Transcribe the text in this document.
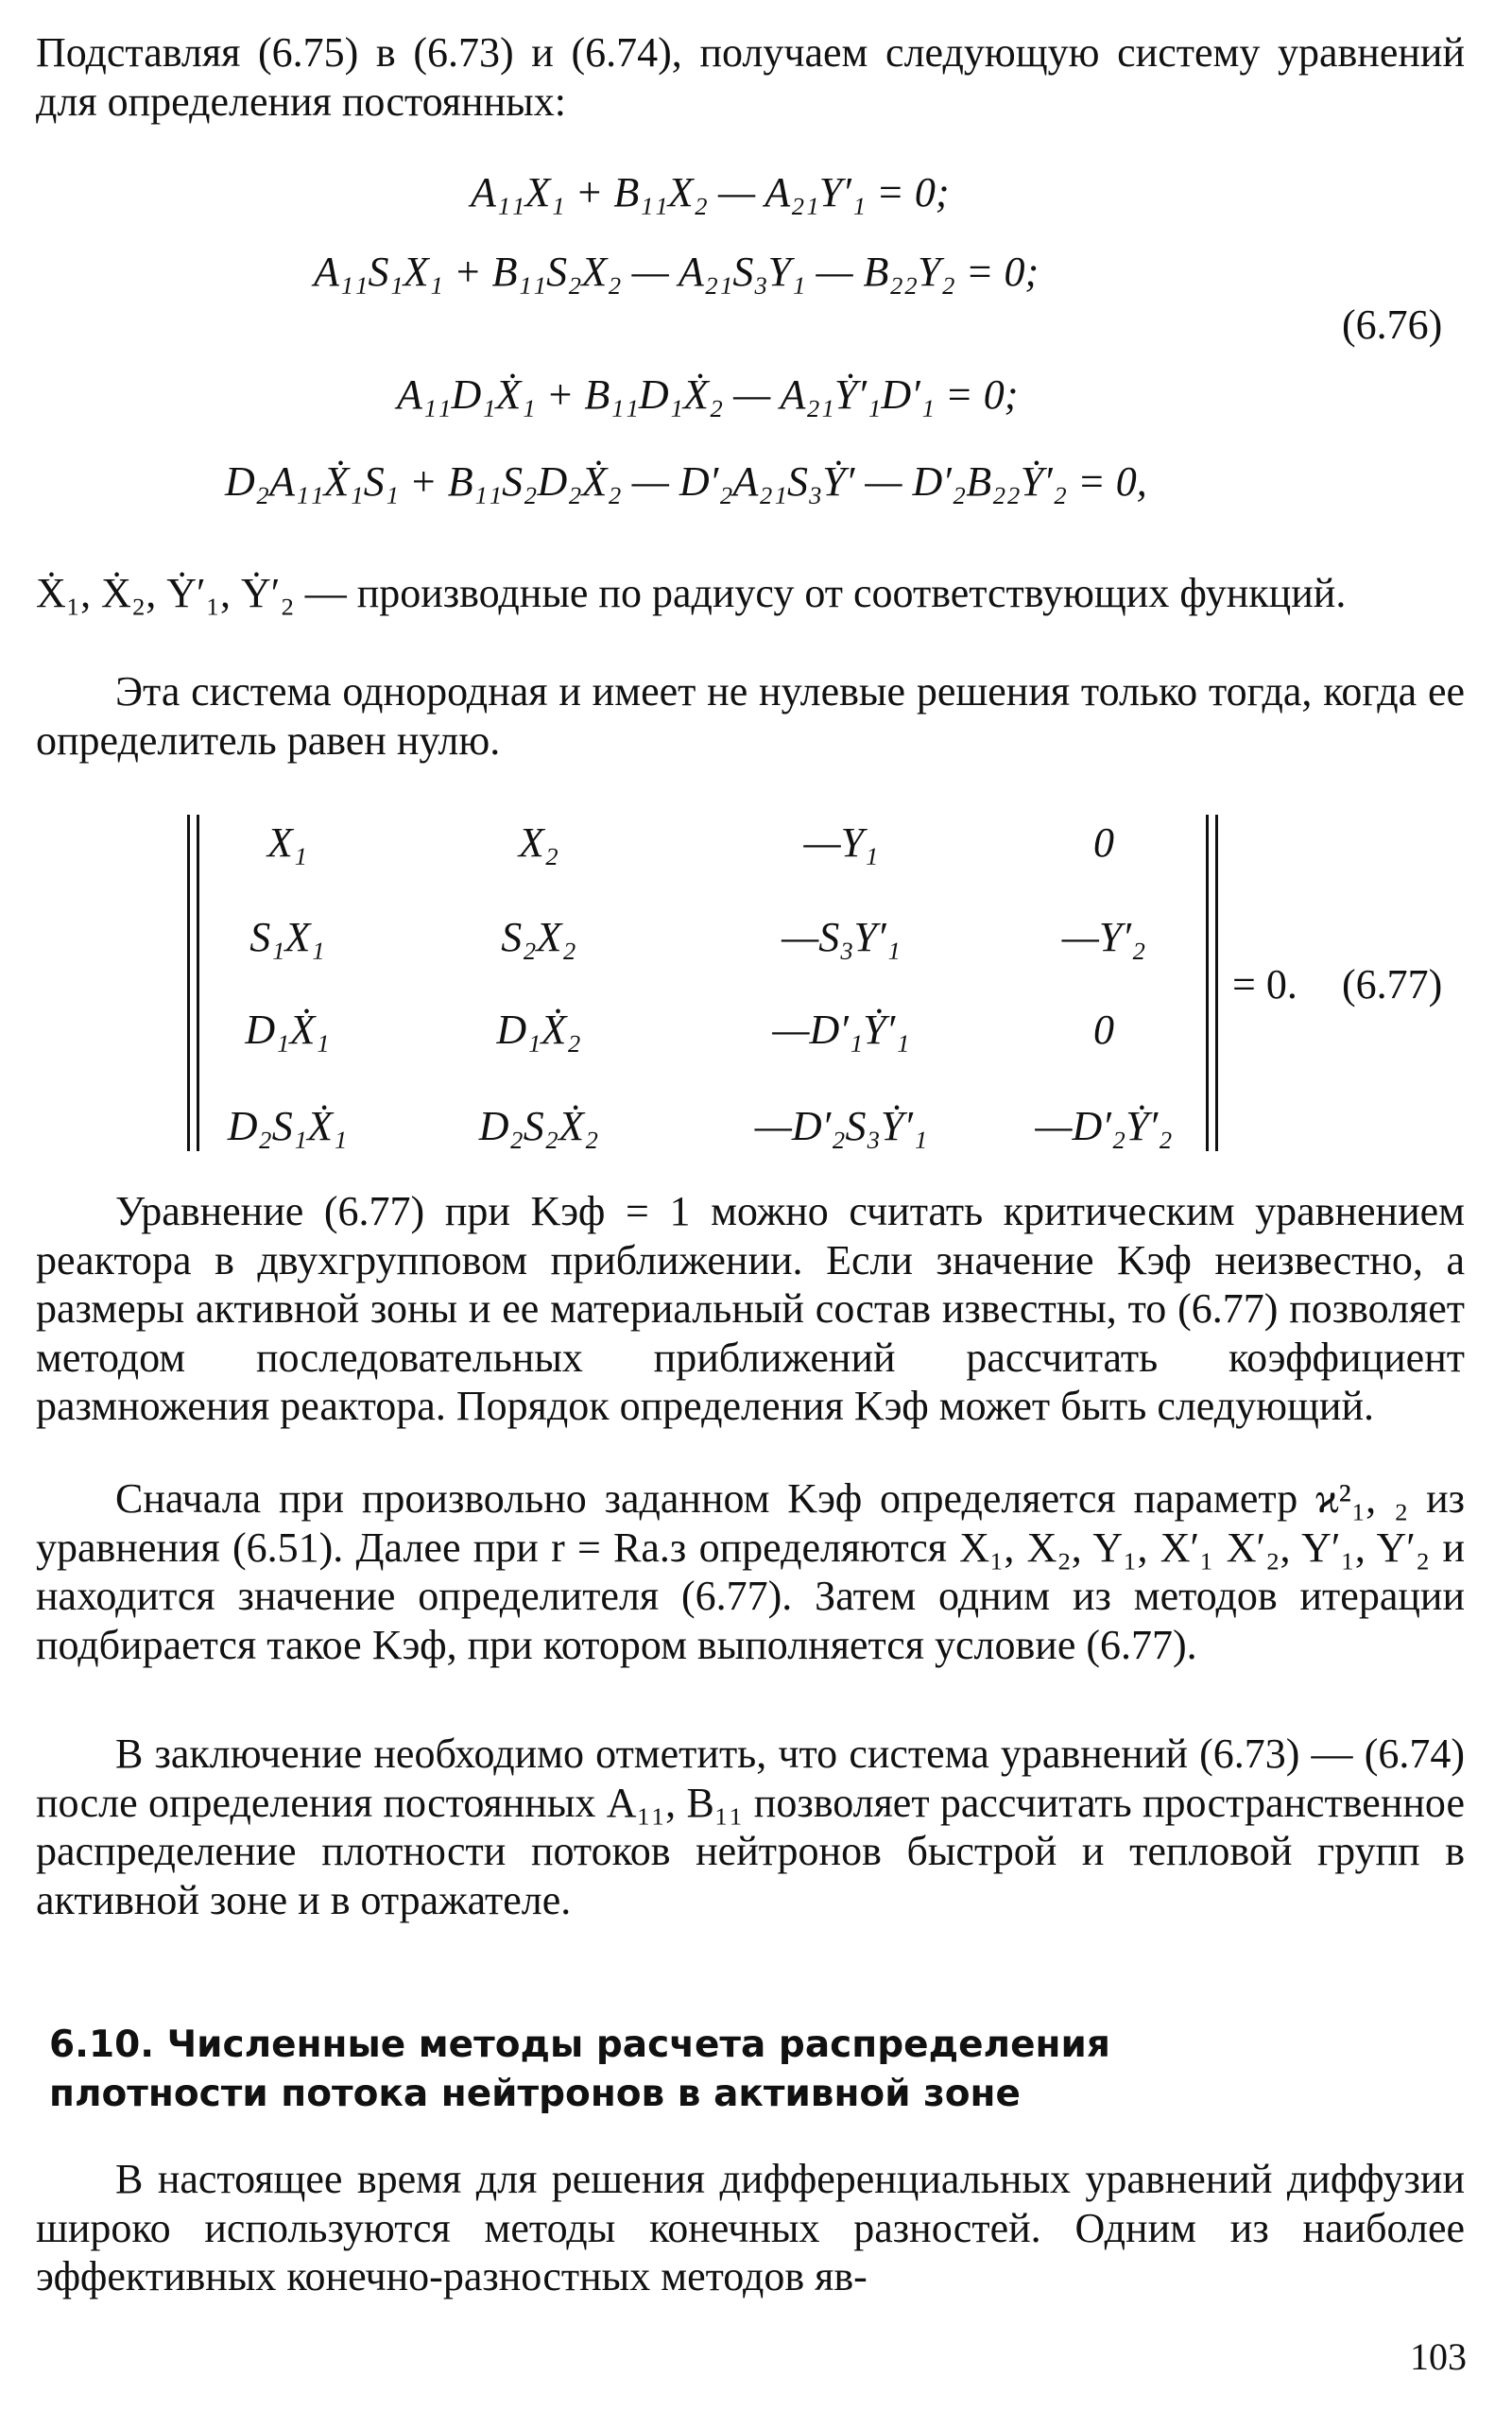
Подставляя (6.75) в (6.73) и (6.74), получаем следующую систему уравнений для определения постоянных:

A₁₁X₁ + B₁₁X₂ — A₂₁Y′₁ = 0;
A₁₁S₁X₁ + B₁₁S₂X₂ — A₂₁S₃Y₁ — B₂₂Y₂ = 0;
A₁₁D₁Ẋ₁ + B₁₁D₁Ẋ₂ — A₂₁Ẏ′₁D′₁ = 0;
D₂A₁₁Ẋ₁S₁ + B₁₁S₂D₂Ẋ₂ — D′₂A₂₁S₃Ẏ′ — D′₂B₂₂Ẏ′₂ = 0,
(6.76)

Ẋ₁, Ẋ₂, Ẏ′₁, Ẏ′₂ — производные по радиусу от соответствующих функций.

Эта система однородная и имеет не нулевые решения только тогда, когда ее определитель равен нулю.

X₁	X₂	—Y₁	0
S₁X₁	S₂X₂	—S₃Y′₁	—Y′₂
D₁Ẋ₁	D₁Ẋ₂	—D′₁Ẏ′₁	0
D₂S₁Ẋ₁	D₂S₂Ẋ₂	—D′₂S₃Ẏ′₁	—D′₂Ẏ′₂
= 0. (6.77)

Уравнение (6.77) при Kэф = 1 можно считать критическим уравнением реактора в двухгрупповом приближении. Если значение Kэф неизвестно, а размеры активной зоны и ее материальный состав известны, то (6.77) позволяет методом последовательных приближений рассчитать коэффициент размножения реактора. Порядок определения Kэф может быть следующий.

Сначала при произвольно заданном Kэф определяется параметр ϰ²₁, ₂ из уравнения (6.51). Далее при r = Rа.з определяются X₁, X₂, Y₁, X′₁ X′₂, Y′₁, Y′₂ и находится значение определителя (6.77). Затем одним из методов итерации подбирается такое Kэф, при котором выполняется условие (6.77).

В заключение необходимо отметить, что система уравнений (6.73) — (6.74) после определения постоянных A₁₁, B₁₁ позволяет рассчитать пространственное распределение плотности потоков нейтронов быстрой и тепловой групп в активной зоне и в отражателе.

6.10. Численные методы расчета распределения
плотности потока нейтронов в активной зоне

В настоящее время для решения дифференциальных уравнений диффузии широко используются методы конечных разностей. Одним из наиболее эффективных конечно-разностных методов яв-

103
